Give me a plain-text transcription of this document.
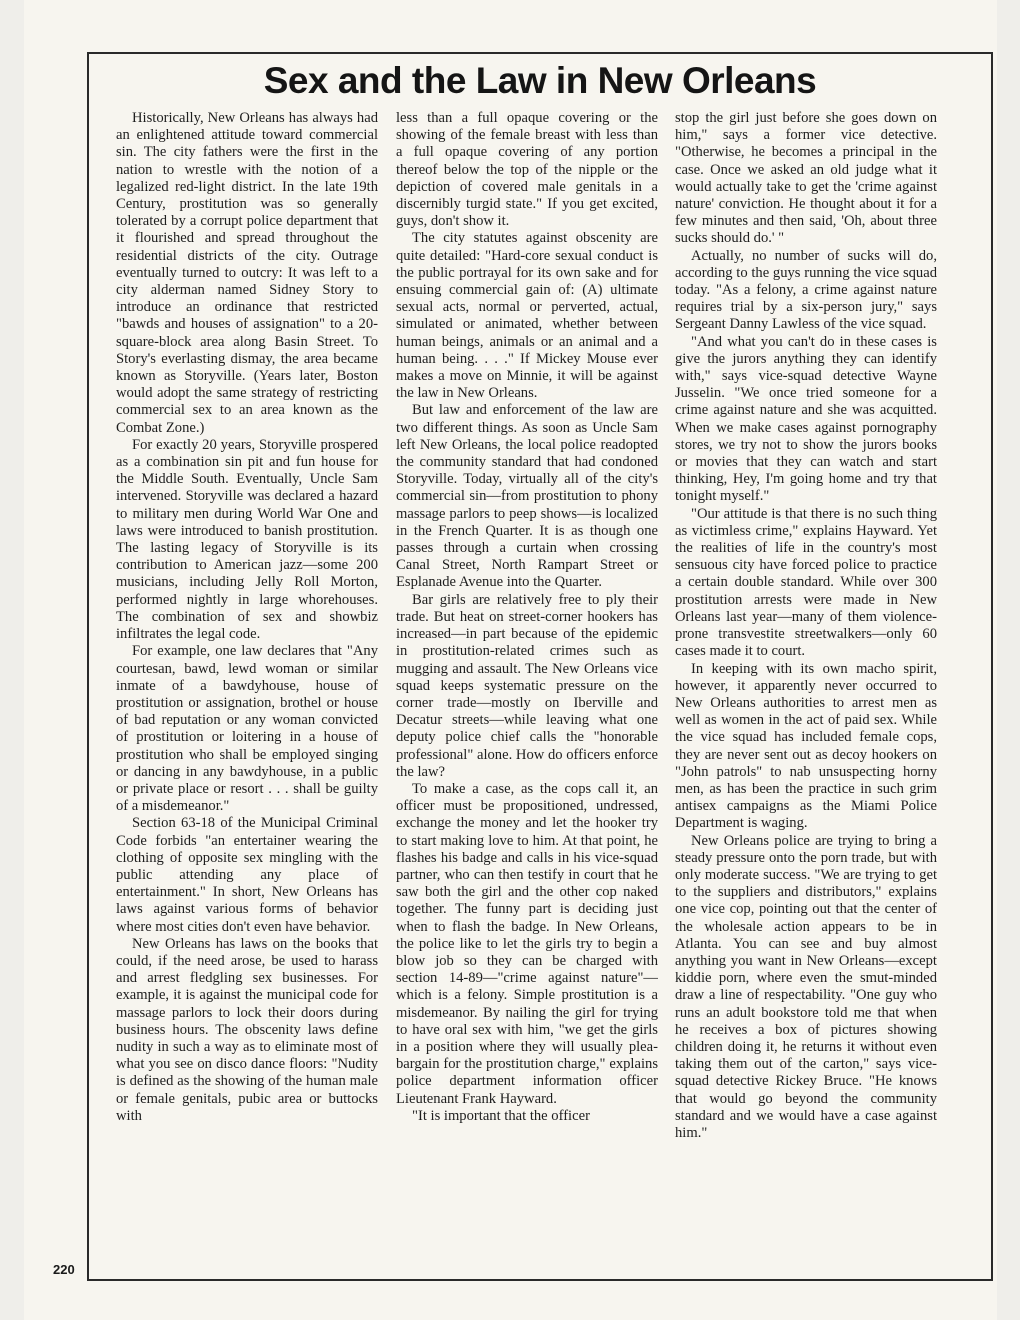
Sex and the Law in New Orleans

Historically, New Orleans has always had an enlightened attitude toward commercial sin. The city fathers were the first in the nation to wrestle with the notion of a legalized red-light district. In the late 19th Century, prostitution was so generally tolerated by a corrupt police department that it flourished and spread throughout the residential districts of the city. Outrage eventually turned to outcry: It was left to a city alderman named Sidney Story to introduce an ordinance that restricted "bawds and houses of assignation" to a 20-square-block area along Basin Street. To Story's everlasting dismay, the area became known as Storyville. (Years later, Boston would adopt the same strategy of restricting commercial sex to an area known as the Combat Zone.)

For exactly 20 years, Storyville prospered as a combination sin pit and fun house for the Middle South. Eventually, Uncle Sam intervened. Storyville was declared a hazard to military men during World War One and laws were introduced to banish prostitution. The lasting legacy of Storyville is its contribution to American jazz—some 200 musicians, including Jelly Roll Morton, performed nightly in large whorehouses. The combination of sex and showbiz infiltrates the legal code.

For example, one law declares that "Any courtesan, bawd, lewd woman or similar inmate of a bawdyhouse, house of prostitution or assignation, brothel or house of bad reputation or any woman convicted of prostitution or loitering in a house of prostitution who shall be employed singing or dancing in any bawdyhouse, in a public or private place or resort . . . shall be guilty of a misdemeanor."

Section 63-18 of the Municipal Criminal Code forbids "an entertainer wearing the clothing of opposite sex mingling with the public attending any place of entertainment." In short, New Orleans has laws against various forms of behavior where most cities don't even have behavior.

New Orleans has laws on the books that could, if the need arose, be used to harass and arrest fledgling sex businesses. For example, it is against the municipal code for massage parlors to lock their doors during business hours. The obscenity laws define nudity in such a way as to eliminate most of what you see on disco dance floors: "Nudity is defined as the showing of the human male or female genitals, pubic area or buttocks with

less than a full opaque covering or the showing of the female breast with less than a full opaque covering of any portion thereof below the top of the nipple or the depiction of covered male genitals in a discernibly turgid state." If you get excited, guys, don't show it.

The city statutes against obscenity are quite detailed: "Hard-core sexual conduct is the public portrayal for its own sake and for ensuing commercial gain of: (A) ultimate sexual acts, normal or perverted, actual, simulated or animated, whether between human beings, animals or an animal and a human being. . . ." If Mickey Mouse ever makes a move on Minnie, it will be against the law in New Orleans.

But law and enforcement of the law are two different things. As soon as Uncle Sam left New Orleans, the local police readopted the community standard that had condoned Storyville. Today, virtually all of the city's commercial sin—from prostitution to phony massage parlors to peep shows—is localized in the French Quarter. It is as though one passes through a curtain when crossing Canal Street, North Rampart Street or Esplanade Avenue into the Quarter.

Bar girls are relatively free to ply their trade. But heat on street-corner hookers has increased—in part because of the epidemic in prostitution-related crimes such as mugging and assault. The New Orleans vice squad keeps systematic pressure on the corner trade—mostly on Iberville and Decatur streets—while leaving what one deputy police chief calls the "honorable professional" alone. How do officers enforce the law?

To make a case, as the cops call it, an officer must be propositioned, undressed, exchange the money and let the hooker try to start making love to him. At that point, he flashes his badge and calls in his vice-squad partner, who can then testify in court that he saw both the girl and the other cop naked together. The funny part is deciding just when to flash the badge. In New Orleans, the police like to let the girls try to begin a blow job so they can be charged with section 14-89—"crime against nature"—which is a felony. Simple prostitution is a misdemeanor. By nailing the girl for trying to have oral sex with him, "we get the girls in a position where they will usually plea-bargain for the prostitution charge," explains police department information officer Lieutenant Frank Hayward.

"It is important that the officer

stop the girl just before she goes down on him," says a former vice detective. "Otherwise, he becomes a principal in the case. Once we asked an old judge what it would actually take to get the 'crime against nature' conviction. He thought about it for a few minutes and then said, 'Oh, about three sucks should do.' "

Actually, no number of sucks will do, according to the guys running the vice squad today. "As a felony, a crime against nature requires trial by a six-person jury," says Sergeant Danny Lawless of the vice squad.

"And what you can't do in these cases is give the jurors anything they can identify with," says vice-squad detective Wayne Jusselin. "We once tried someone for a crime against nature and she was acquitted. When we make cases against pornography stores, we try not to show the jurors books or movies that they can watch and start thinking, Hey, I'm going home and try that tonight myself."

"Our attitude is that there is no such thing as victimless crime," explains Hayward. Yet the realities of life in the country's most sensuous city have forced police to practice a certain double standard. While over 300 prostitution arrests were made in New Orleans last year—many of them violence-prone transvestite streetwalkers—only 60 cases made it to court.

In keeping with its own macho spirit, however, it apparently never occurred to New Orleans authorities to arrest men as well as women in the act of paid sex. While the vice squad has included female cops, they are never sent out as decoy hookers on "John patrols" to nab unsuspecting horny men, as has been the practice in such grim antisex campaigns as the Miami Police Department is waging.

New Orleans police are trying to bring a steady pressure onto the porn trade, but with only moderate success. "We are trying to get to the suppliers and distributors," explains one vice cop, pointing out that the center of the wholesale action appears to be in Atlanta. You can see and buy almost anything you want in New Orleans—except kiddie porn, where even the smut-minded draw a line of respectability. "One guy who runs an adult bookstore told me that when he receives a box of pictures showing children doing it, he returns it without even taking them out of the carton," says vice-squad detective Rickey Bruce. "He knows that would go beyond the community standard and we would have a case against him."

220
